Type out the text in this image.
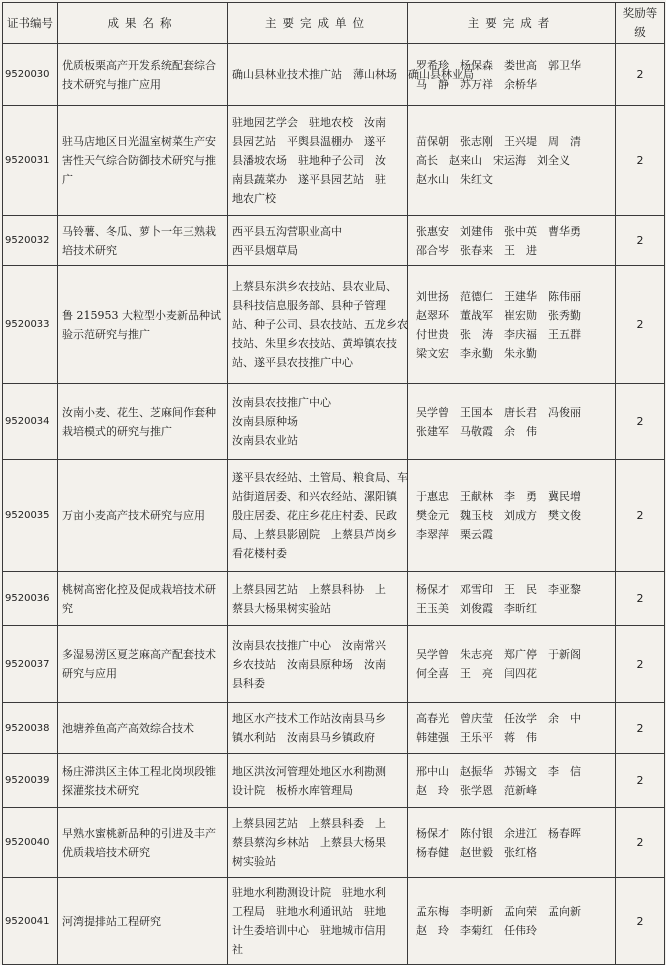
证书编号	成果名称	主要完成单位	主要完成者	奖励等级
9520030	优质板栗高产开发系统配套综合技术研究与推广应用	确山县林业技术推广站　薄山林场　确山县林业局	罗希珍　杨保森　娄世高　郭卫华
马　静　苏万祥　余桥华	2
9520031	驻马店地区日光温室树菜生产安害性天气综合防御技术研究与推广	驻地园艺学会　驻地农校　汝南
县园艺站　平舆县温棚办　遂平
县潘坡农场　驻地种子公司　汝
南县蔬菜办　遂平县园艺站　驻
地农广校	苗保朝　张志刚　王兴堤　周　清
高长　赵来山　宋运海　刘全义
赵水山　朱红文	2
9520032	马铃薯、冬瓜、萝卜一年三熟栽培技术研究	西平县五沟营职业高中
西平县烟草局	张惠安　刘建伟　张中英　曹华勇
邵合岑　张春来　王　进	2
9520033	鲁 215953 大粒型小麦新品种试验示范研究与推广	上蔡县东洪乡农技站、县农业局、
县科技信息服务部、县种子管理
站、种子公司、县农技站、五龙乡农
技站、朱里乡农技站、黄埠镇农技
站、遂平县农技推广中心	刘世扬　范德仁　王建华　陈伟丽
赵翠环　董战军　崔宏勋　张秀勤
付世贵　张　涛　李庆福　王五群
梁文宏　李永勤　朱永勤	2
9520034	汝南小麦、花生、芝麻间作套种栽培模式的研究与推广	汝南县农技推广中心
汝南县原种场
汝南县农业站	吴学曾　王国本　唐长君　冯俊丽
张建军　马敬霞　余　伟	2
9520035	万亩小麦高产技术研究与应用	遂平县农经站、土管局、粮食局、车
站街道居委、和兴农经站、漯阳镇
殷庄居委、花庄乡花庄村委、民政
局、上蔡县影剧院　上蔡县芦岗乡
看花楼村委	于惠忠　王献林　李　勇　冀民增
樊金元　魏玉枝　刘成方　樊文俊
李翠萍　栗云霞	2
9520036	桃树高密化控及促成栽培技术研究	上蔡县园艺站　上蔡县科协　上
蔡县大杨果树实验站	杨保才　邓雪印　王　民　李亚黎
王玉美　刘俊霞　李昕红	2
9520037	多湿易涝区夏芝麻高产配套技术研究与应用	汝南县农技推广中心　汝南常兴
乡农技站　汝南县原种场　汝南
县科委	吴学曾　朱志亮　郑广停　于新阁
何全喜　王　亮　闫四花	2
9520038	池塘养鱼高产高效综合技术	地区水产技术工作站汝南县马乡
镇水利站　汝南县马乡镇政府	高春光　曾庆莹　任汝学　余　中
韩建强　王乐平　蒋　伟	2
9520039	杨庄滞洪区主体工程北岗坝段锥探灌浆技术研究	地区洪汝河管理处地区水利勘测
设计院　板桥水库管理局	邢中山　赵振华　苏锡文　李　信
赵　玲　张学恩　范新峰	2
9520040	早熟水蜜桃新品种的引进及丰产优质栽培技术研究	上蔡县园艺站　上蔡县科委　上
蔡县蔡沟乡林站　上蔡县大杨果
树实验站	杨保才　陈付银　余进江　杨春晖
杨春健　赵世毅　张红格	2
9520041	河湾提排站工程研究	驻地水利勘测设计院　驻地水利
工程局　驻地水利通讯站　驻地
计生委培训中心　驻地城市信用
社	孟东梅　李明新　孟向荣　孟向新
赵　玲　李菊红　任伟玲	2
